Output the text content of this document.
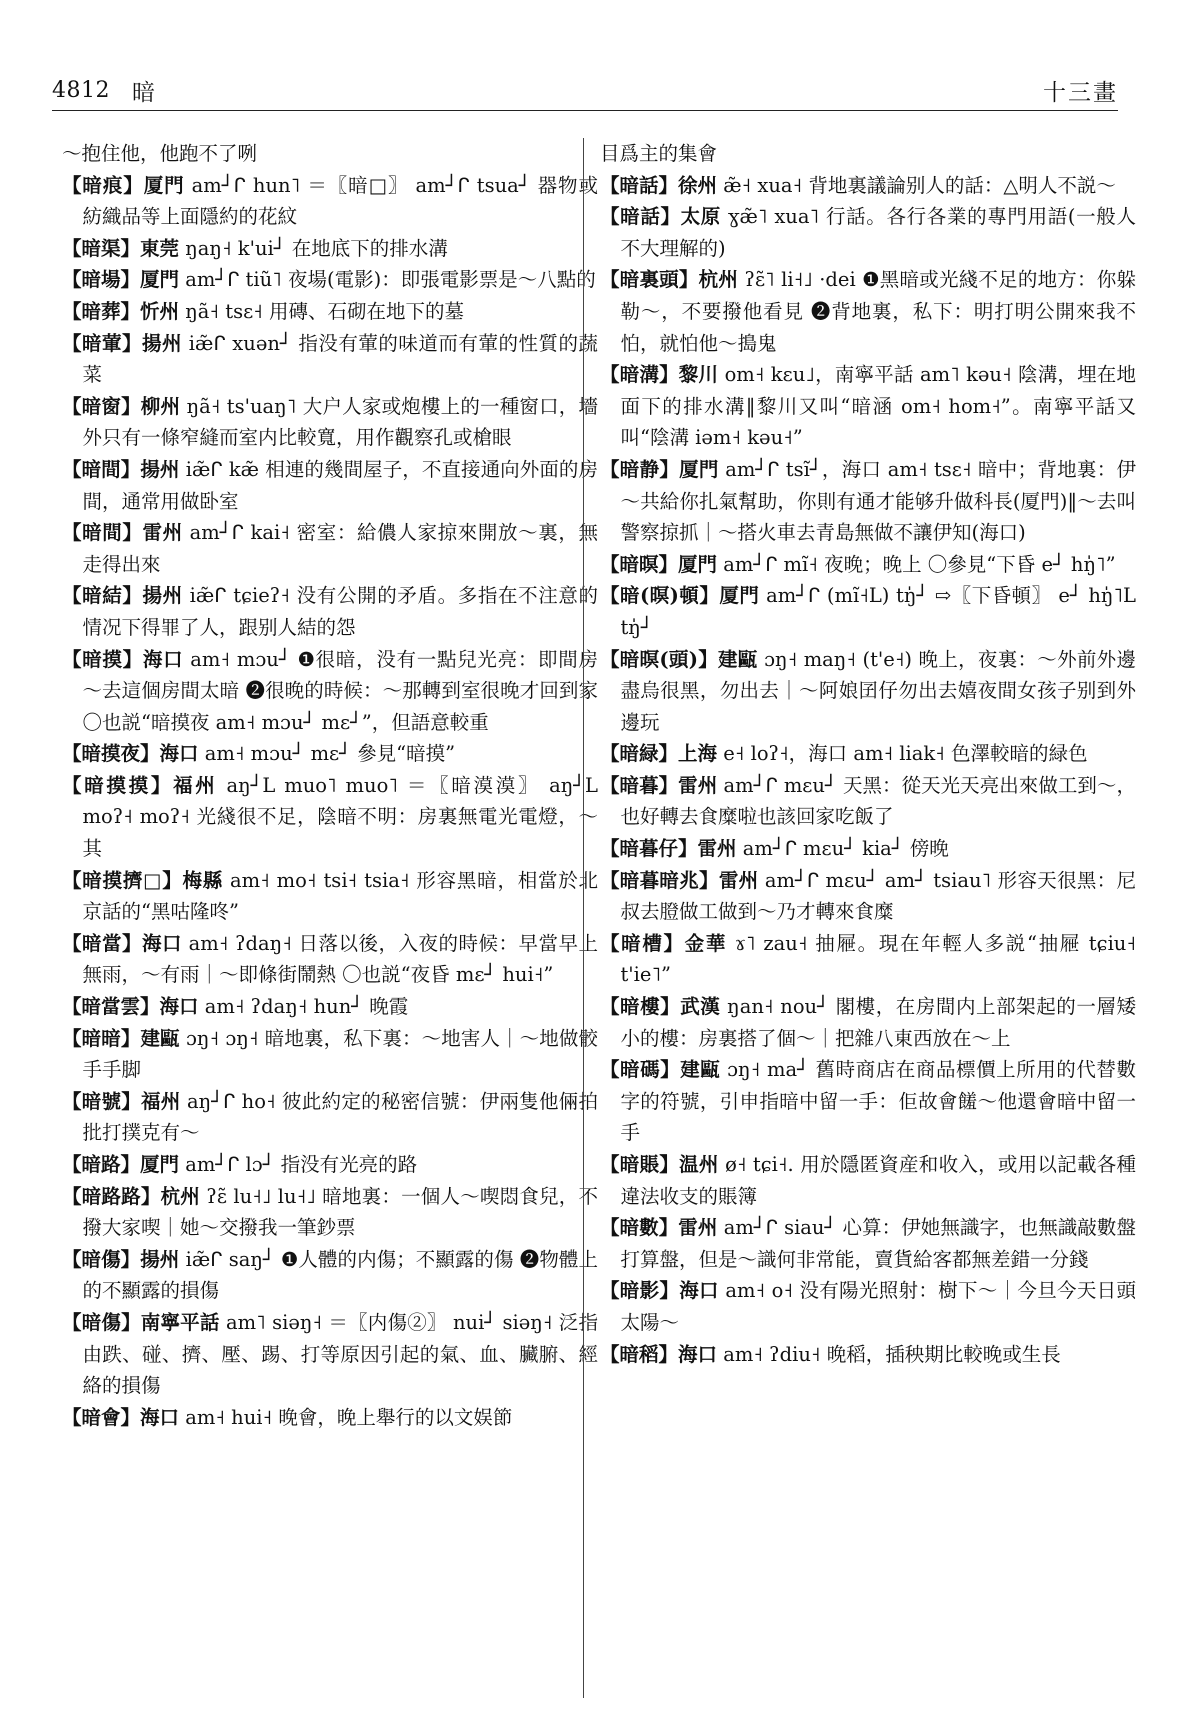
4812 暗	十三畫

～抱住他，他跑不了咧

【暗痕】厦門 am┘ᒋ hun˥ ＝〖暗□〗 am┘ᒋ tsua┘ 器物或紡織品等上面隱約的花紋

【暗渠】東莞 ŋaŋ˧ k'ui┘ 在地底下的排水溝

【暗場】厦門 am┘ᒋ tiũ˥ 夜場(電影)：即張電影票是～八點的

【暗葬】忻州 ŋã˧ tsɛ˧ 用磚、石砌在地下的墓

【暗葷】揚州 iæ̃ᒋ xuən┘ 指没有葷的味道而有葷的性質的蔬菜

【暗窗】柳州 ŋã˧ ts'uaŋ˥ 大户人家或炮樓上的一種窗口，墻外只有一條窄縫而室内比較寬，用作觀察孔或槍眼

【暗間】揚州 iæ̃ᒋ kæ̃ 相連的幾間屋子，不直接通向外面的房間，通常用做卧室

【暗間】雷州 am┘ᒋ kai˧ 密室：給儂人家掠來開放～裏，無走得出來

【暗結】揚州 iæ̃ᒋ tɕieʔ˧ 没有公開的矛盾。多指在不注意的情况下得罪了人，跟别人結的怨

【暗摸】海口 am˧ mɔu┘ ❶很暗，没有一點兒光亮：即間房～去這個房間太暗 ❷很晚的時候：～那轉到室很晚才回到家 〇也説“暗摸夜 am˧ mɔu┘ mɛ┘”，但語意較重

【暗摸夜】海口 am˧ mɔu┘ mɛ┘ 參見“暗摸”

【暗摸摸】福州 aŋ┘L muo˥ muo˥ ＝〖暗漠漠〗 aŋ┘L moʔ˧ moʔ˧ 光綫很不足，陰暗不明：房裏無電光電燈，～其

【暗摸擠□】梅縣 am˧ mo˧ tsi˧ tsia˧ 形容黑暗，相當於北京話的“黑咕隆咚”

【暗當】海口 am˧ ʔdaŋ˧ 日落以後，入夜的時候：早當早上無雨，～有雨｜～即條街鬧熱 〇也説“夜昏 mɛ┘ hui˧”

【暗當雲】海口 am˧ ʔdaŋ˧ hun┘ 晚霞

【暗暗】建甌 ɔŋ˧ ɔŋ˧ 暗地裏，私下裏：～地害人｜～地做骹手手脚

【暗號】福州 aŋ┘ᒋ ho˧ 彼此約定的秘密信號：伊兩隻他倆拍批打撲克有～

【暗路】厦門 am┘ᒋ lɔ┘ 指没有光亮的路

【暗路路】杭州 ʔɛ̃ lu˧˩ lu˧˩ 暗地裏：一個人～喫悶食兒，不撥大家喫｜她～交撥我一筆鈔票

【暗傷】揚州 iæ̃ᒋ saŋ┘ ❶人體的内傷；不顯露的傷 ❷物體上的不顯露的損傷

【暗傷】南寧平話 am˥ siəŋ˧ ＝〖内傷②〗 nui┘ siəŋ˧ 泛指由跌、碰、擠、壓、踢、打等原因引起的氣、血、臟腑、經絡的損傷

【暗會】海口 am˧ hui˧ 晚會，晚上舉行的以文娱節

目爲主的集會

【暗話】徐州 æ̃˧ xua˧ 背地裏議論别人的話：△明人不説～

【暗話】太原 ɣæ̃˥ xua˥ 行話。各行各業的專門用語(一般人不大理解的)

【暗裏頭】杭州 ʔɛ̃˥ li˧˩ ·dei ❶黑暗或光綫不足的地方：你躲勒～，不要撥他看見 ❷背地裏，私下：明打明公開來我不怕，就怕他～搗鬼

【暗溝】黎川 om˧ kɛu˩，南寧平話 am˥ kəu˧ 陰溝，埋在地面下的排水溝‖黎川又叫“暗涵 om˧ hom˧”。南寧平話又叫“陰溝 iəm˧ kəu˧”

【暗静】厦門 am┘ᒋ tsĩ┘，海口 am˧ tsɛ˧ 暗中；背地裏：伊～共給你扎氣幫助，你則有通才能够升做科長(厦門)‖～去叫警察掠抓｜～搭火車去青島無做不讓伊知(海口)

【暗暝】厦門 am┘ᒋ mĩ˧ 夜晚；晚上 〇參見“下昏 e┘ hŋ̍˥”

【暗(暝)頓】厦門 am┘ᒋ (mĩ˧L) tŋ̍┘ ⇨〖下昏頓〗 e┘ hŋ̍˥L tŋ̍┘

【暗暝(頭)】建甌 ɔŋ˧ maŋ˧ (t'e˧) 晚上，夜裏：～外前外邊盡烏很黑，勿出去｜～阿娘囝仔勿出去嬉夜間女孩子别到外邊玩

【暗緑】上海 e˧ loʔ˧，海口 am˧ liak˧ 色澤較暗的緑色

【暗暮】雷州 am┘ᒋ mɛu┘ 天黑：從天光天亮出來做工到～，也好轉去食糜啦也該回家吃飯了

【暗暮仔】雷州 am┘ᒋ mɛu┘ kia┘ 傍晚

【暗暮暗兆】雷州 am┘ᒋ mɛu┘ am┘ tsiau˥ 形容天很黑：尼叔去膯做工做到～乃才轉來食糜

【暗槽】金華 ɤ˥ zau˧ 抽屜。現在年輕人多説“抽屜 tɕiu˧ t'ie˥”

【暗樓】武漢 ŋan˧ nou┘ 閣樓，在房間内上部架起的一層矮小的樓：房裏搭了個～｜把雜八東西放在～上

【暗碼】建甌 ɔŋ˧ ma┘ 舊時商店在商品標價上所用的代替數字的符號，引申指暗中留一手：佢故會饈～他還會暗中留一手

【暗賬】温州 ø˧ tɕi˧. 用於隱匿資産和收入，或用以記載各種違法收支的賬簿

【暗數】雷州 am┘ᒋ siau┘ 心算：伊她無識字，也無識敲數盤打算盤，但是～識何非常能，賣貨給客都無差錯一分錢

【暗影】海口 am˧ o˧ 没有陽光照射：樹下～｜今旦今天日頭太陽～

【暗稻】海口 am˧ ʔdiu˧ 晚稻，插秧期比較晚或生長
